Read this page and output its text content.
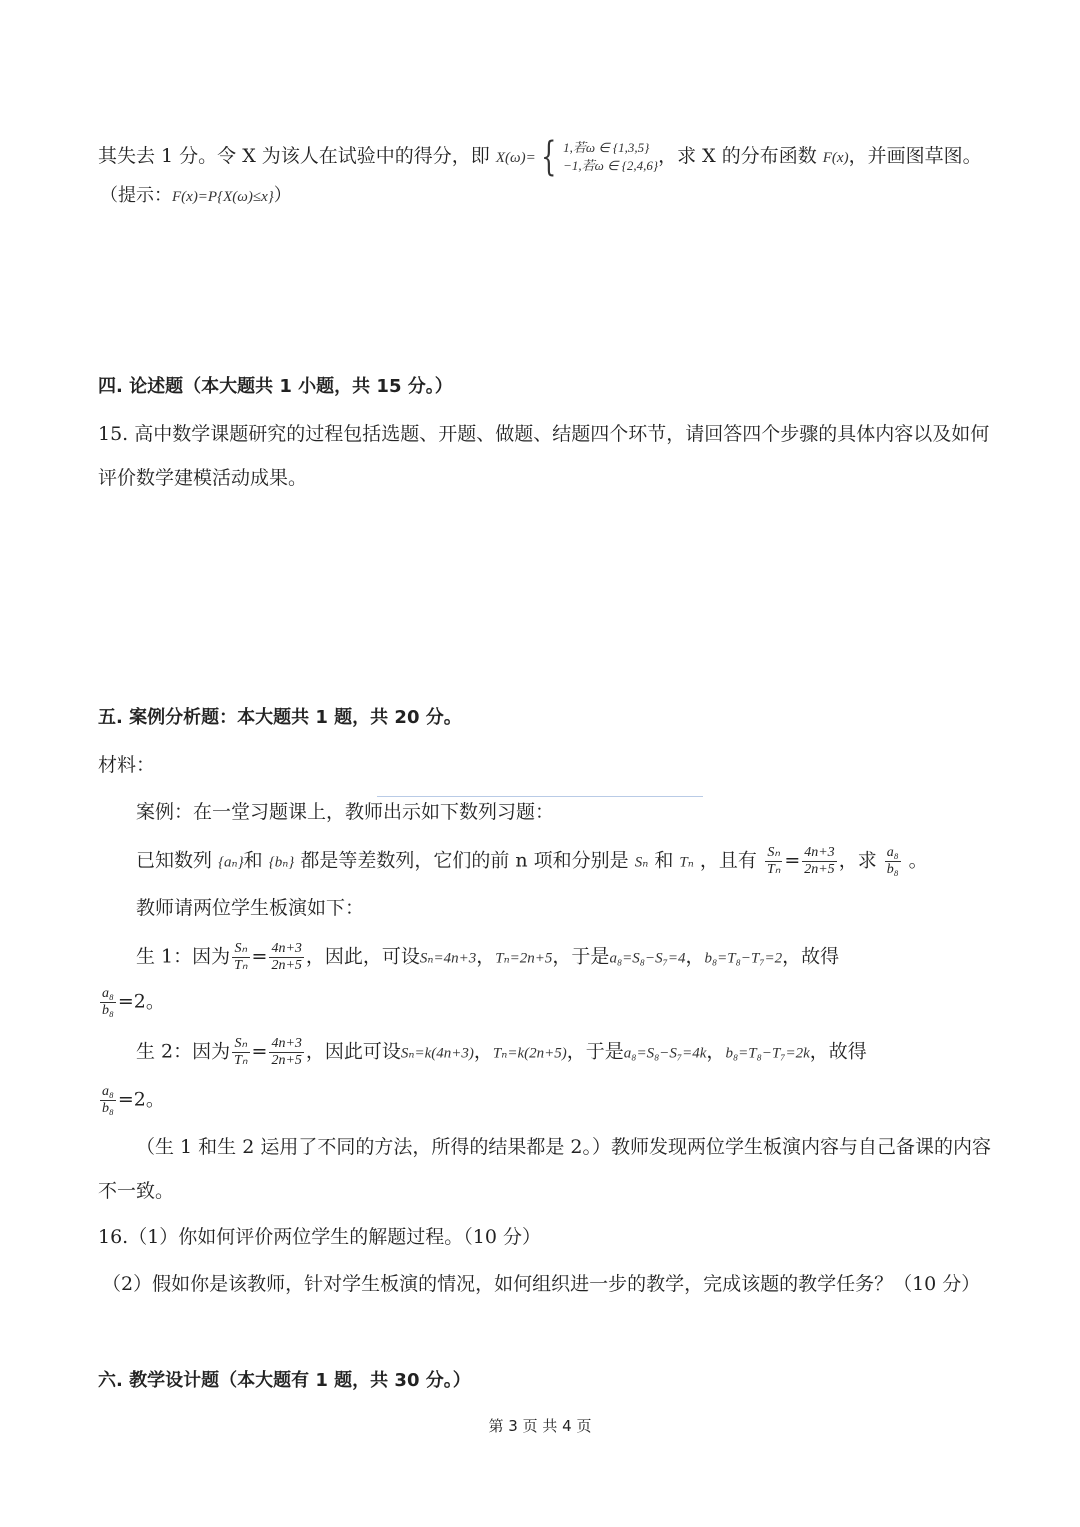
其失去 1 分。令 X 为该人在试验中的得分，即 X(ω)= { 1,若ω ∈ {1,3,5}
−1,若ω ∈ {2,4,6} ，求 X 的分布函数 F(x)，并画图草图。
（提示：F(x)=P{X(ω)≤x}）
四. 论述题（本大题共 1 小题，共 15 分。）
15. 高中数学课题研究的过程包括选题、开题、做题、结题四个环节，请回答四个步骤的具体内容以及如何
评价数学建模活动成果。
五. 案例分析题：本大题共 1 题，共 20 分。
材料：
案例：在一堂习题课上，教师出示如下数列习题：
已知数列 {aₙ}和 {bₙ} 都是等差数列，它们的前 n 项和分别是 Sₙ 和 Tₙ ，且有 $\frac{\text{Sₙ}}{\text{Tₙ}} = \frac{4n+3}{2n+5}$ ，求 $\frac{\text{a₈}}{\text{b₈}}$ 。
教师请两位学生板演如下：
生 1：因为 $\frac{\text{Sₙ}}{\text{Tₙ}} = \frac{4n+3}{2n+5}$ ，因此，可设Sₙ=4n+3，Tₙ=2n+5，于是a₈=S₈−S₇=4，b₈=T₈−T₇=2，故得
$\frac{\text{a₈}}{\text{b₈}} =2$。
生 2：因为 $\frac{\text{Sₙ}}{\text{Tₙ}} = \frac{4n+3}{2n+5}$ ，因此可设Sₙ=k(4n+3)，Tₙ=k(2n+5)，于是a₈=S₈−S₇=4k，b₈=T₈−T₇=2k，故得
$\frac{\text{a₈}}{\text{b₈}} =2$。
（生 1 和生 2 运用了不同的方法，所得的结果都是 2。）教师发现两位学生板演内容与自己备课的内容
不一致。
16.（1）你如何评价两位学生的解题过程。（10 分）
（2）假如你是该教师，针对学生板演的情况，如何组织进一步的教学，完成该题的教学任务？（10 分）
六. 教学设计题（本大题有 1 题，共 30 分。）
第 3 页 共 4 页
